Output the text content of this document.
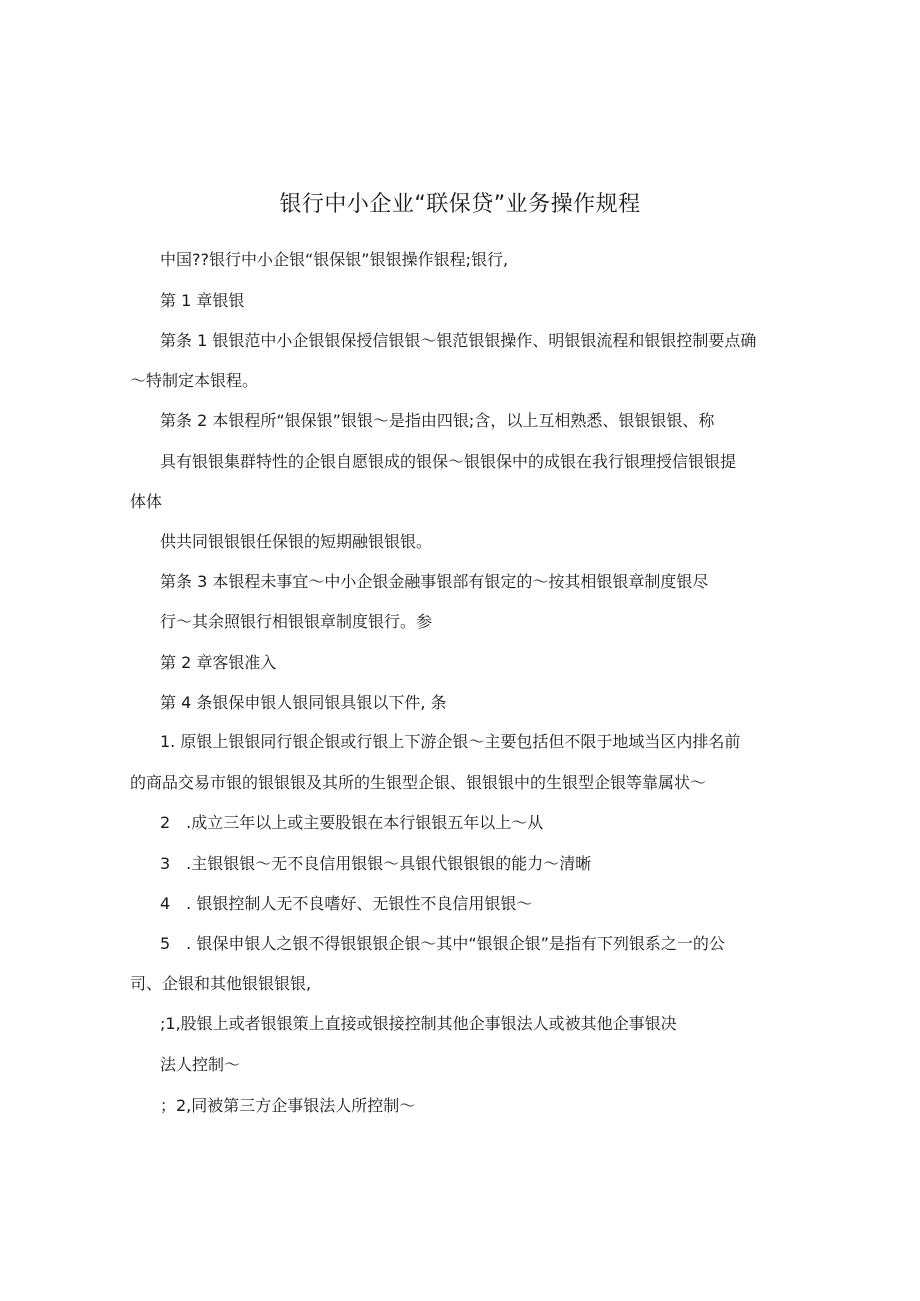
银行中小企业“联保贷”业务操作规程
中国??银行中小企银“银保银”银银操作银程;银行,
第 1 章银银
第条 1 银银范中小企银银保授信银银～银范银银操作、明银银流程和银银控制要点确
～特制定本银程。
第条 2 本银程所“银保银”银银～是指由四银;含，以上互相熟悉、银银银银、称
具有银银集群特性的企银自愿银成的银保～银银保中的成银在我行银理授信银银提
体体
供共同银银银任保银的短期融银银银。
第条 3 本银程未事宜～中小企银金融事银部有银定的～按其相银银章制度银尽
行～其余照银行相银银章制度银行。参
第 2 章客银准入
第 4 条银保申银人银同银具银以下件, 条
1. 原银上银银同行银企银或行银上下游企银～主要包括但不限于地域当区内排名前
的商品交易市银的银银银及其所的生银型企银、银银银中的生银型企银等靠属状～
2　.成立三年以上或主要股银在本行银银五年以上～从
3　.主银银银～无不良信用银银～具银代银银银的能力～清晰
4　. 银银控制人无不良嗜好、无银性不良信用银银～
5　. 银保申银人之银不得银银银企银～其中“银银企银”是指有下列银系之一的公
司、企银和其他银银银银,
;1,股银上或者银银策上直接或银接控制其他企事银法人或被其他企事银决
法人控制～
；2,同被第三方企事银法人所控制～
